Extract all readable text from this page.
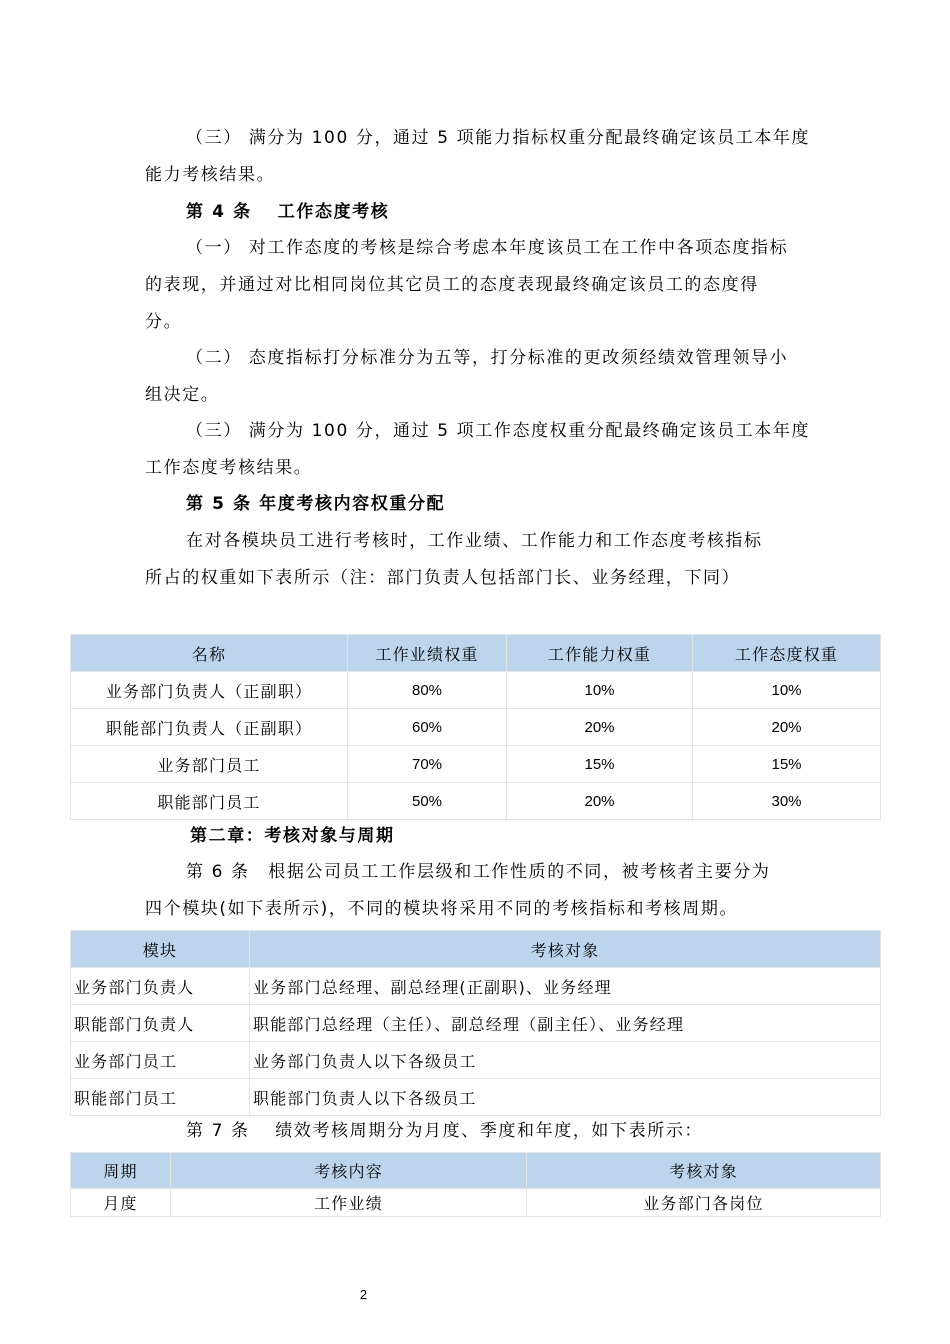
（三） 满分为 100 分，通过 5 项能力指标权重分配最终确定该员工本年度
能力考核结果。
第 4 条　 工作态度考核
（一） 对工作态度的考核是综合考虑本年度该员工在工作中各项态度指标
的表现，并通过对比相同岗位其它员工的态度表现最终确定该员工的态度得
分。
（二） 态度指标打分标准分为五等，打分标准的更改须经绩效管理领导小
组决定。
（三） 满分为 100 分，通过 5 项工作态度权重分配最终确定该员工本年度
工作态度考核结果。
第 5 条 年度考核内容权重分配
在对各模块员工进行考核时，工作业绩、工作能力和工作态度考核指标
所占的权重如下表所示（注：部门负责人包括部门长、业务经理，下同）
名称	工作业绩权重	工作能力权重	工作态度权重
业务部门负责人（正副职）	80%	10%	10%
职能部门负责人（正副职）	60%	20%	20%
业务部门员工	70%	15%	15%
职能部门员工	50%	20%	30%
第二章：考核对象与周期
第 6 条　根据公司员工工作层级和工作性质的不同，被考核者主要分为
四个模块(如下表所示)，不同的模块将采用不同的考核指标和考核周期。
模块	考核对象
业务部门负责人	业务部门总经理、副总经理(正副职)、业务经理
职能部门负责人	职能部门总经理（主任）、副总经理（副主任）、业务经理
业务部门员工	业务部门负责人以下各级员工
职能部门员工	职能部门负责人以下各级员工
第 7 条　 绩效考核周期分为月度、季度和年度，如下表所示：
周期	考核内容	考核对象
月度	工作业绩	业务部门各岗位
2
